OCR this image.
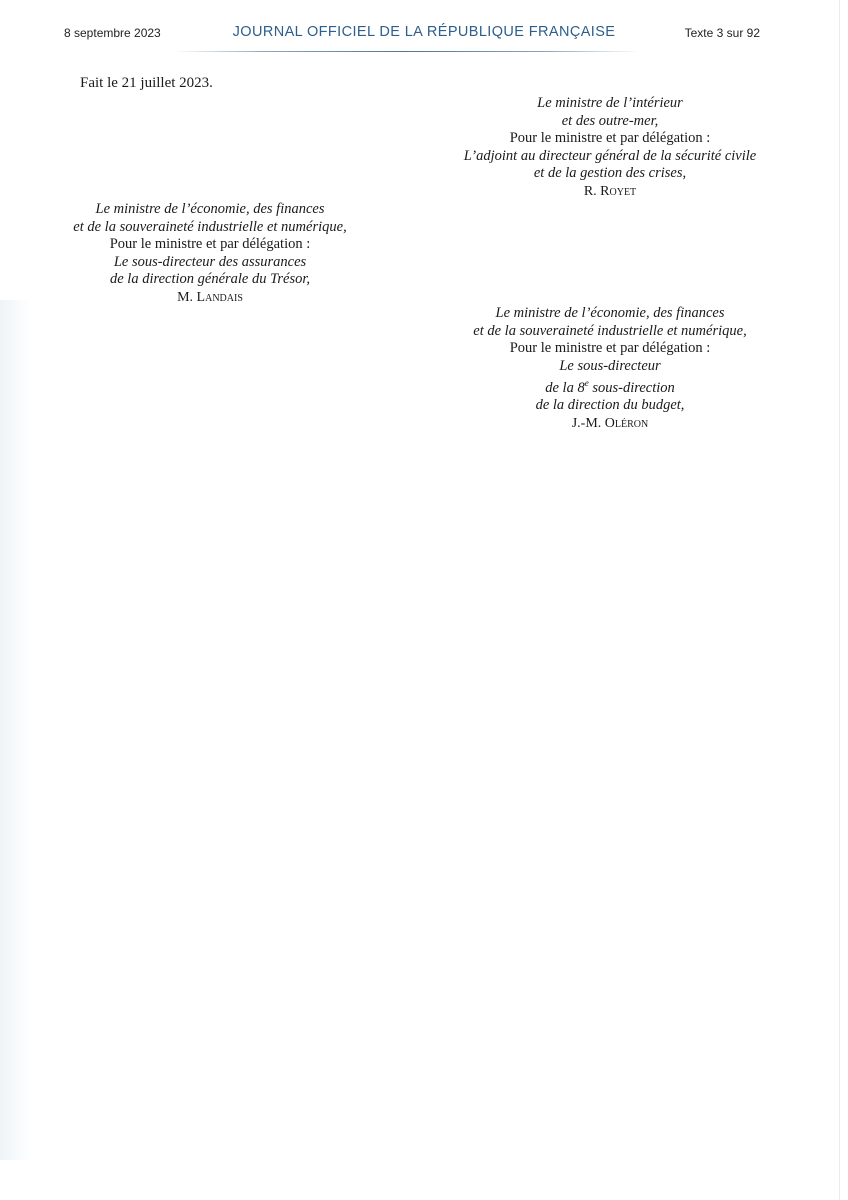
8 septembre 2023	JOURNAL OFFICIEL DE LA RÉPUBLIQUE FRANÇAISE	Texte 3 sur 92
Fait le 21 juillet 2023.
Le ministre de l’intérieur
et des outre-mer,
Pour le ministre et par délégation :
L’adjoint au directeur général de la sécurité civile
et de la gestion des crises,
R. Royet
Le ministre de l’économie, des finances
et de la souveraineté industrielle et numérique,
Pour le ministre et par délégation :
Le sous-directeur des assurances
de la direction générale du Trésor,
M. Landais
Le ministre de l’économie, des finances
et de la souveraineté industrielle et numérique,
Pour le ministre et par délégation :
Le sous-directeur
de la 8e sous-direction
de la direction du budget,
J.-M. Oléron
